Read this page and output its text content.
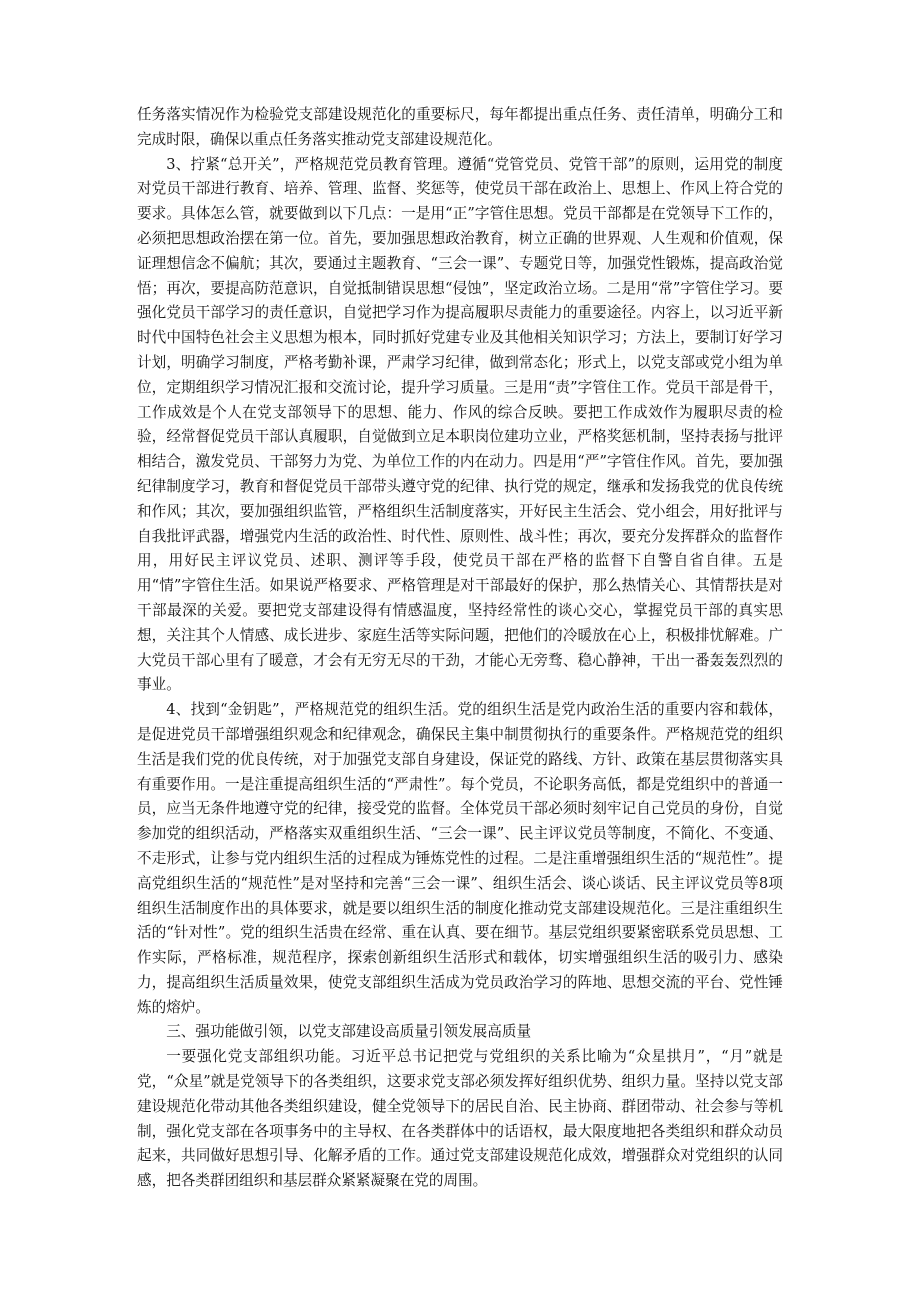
任务落实情况作为检验党支部建设规范化的重要标尺，每年都提出重点任务、责任清单，明确分工和完成时限，确保以重点任务落实推动党支部建设规范化。

3、拧紧“总开关”，严格规范党员教育管理。遵循“党管党员、党管干部”的原则，运用党的制度对党员干部进行教育、培养、管理、监督、奖惩等，使党员干部在政治上、思想上、作风上符合党的要求。具体怎么管，就要做到以下几点：一是用“正”字管住思想。党员干部都是在党领导下工作的，必须把思想政治摆在第一位。首先，要加强思想政治教育，树立正确的世界观、人生观和价值观，保证理想信念不偏航；其次，要通过主题教育、“三会一课”、专题党日等，加强党性锻炼，提高政治觉悟；再次，要提高防范意识，自觉抵制错误思想“侵蚀”，坚定政治立场。二是用“常”字管住学习。要强化党员干部学习的责任意识，自觉把学习作为提高履职尽责能力的重要途径。内容上，以习近平新时代中国特色社会主义思想为根本，同时抓好党建专业及其他相关知识学习；方法上，要制订好学习计划，明确学习制度，严格考勤补课，严肃学习纪律，做到常态化；形式上，以党支部或党小组为单位，定期组织学习情况汇报和交流讨论，提升学习质量。三是用“责”字管住工作。党员干部是骨干，工作成效是个人在党支部领导下的思想、能力、作风的综合反映。要把工作成效作为履职尽责的检验，经常督促党员干部认真履职，自觉做到立足本职岗位建功立业，严格奖惩机制，坚持表扬与批评相结合，激发党员、干部努力为党、为单位工作的内在动力。四是用“严”字管住作风。首先，要加强纪律制度学习，教育和督促党员干部带头遵守党的纪律、执行党的规定，继承和发扬我党的优良传统和作风；其次，要加强组织监管，严格组织生活制度落实，开好民主生活会、党小组会，用好批评与自我批评武器，增强党内生活的政治性、时代性、原则性、战斗性；再次，要充分发挥群众的监督作用，用好民主评议党员、述职、测评等手段，使党员干部在严格的监督下自警自省自律。五是用“情”字管住生活。如果说严格要求、严格管理是对干部最好的保护，那么热情关心、其情帮扶是对干部最深的关爱。要把党支部建设得有情感温度，坚持经常性的谈心交心，掌握党员干部的真实思想，关注其个人情感、成长进步、家庭生活等实际问题，把他们的冷暖放在心上，积极排忧解难。广大党员干部心里有了暖意，才会有无穷无尽的干劲，才能心无旁骛、稳心静神，干出一番轰轰烈烈的事业。

4、找到“金钥匙”，严格规范党的组织生活。党的组织生活是党内政治生活的重要内容和载体，是促进党员干部增强组织观念和纪律观念，确保民主集中制贯彻执行的重要条件。严格规范党的组织生活是我们党的优良传统，对于加强党支部自身建设，保证党的路线、方针、政策在基层贯彻落实具有重要作用。一是注重提高组织生活的“严肃性”。每个党员，不论职务高低，都是党组织中的普通一员，应当无条件地遵守党的纪律，接受党的监督。全体党员干部必须时刻牢记自己党员的身份，自觉参加党的组织活动，严格落实双重组织生活、“三会一课”、民主评议党员等制度，不简化、不变通、不走形式，让参与党内组织生活的过程成为锤炼党性的过程。二是注重增强组织生活的“规范性”。提高党组织生活的“规范性”是对坚持和完善“三会一课”、组织生活会、谈心谈话、民主评议党员等8项组织生活制度作出的具体要求，就是要以组织生活的制度化推动党支部建设规范化。三是注重组织生活的“针对性”。党的组织生活贵在经常、重在认真、要在细节。基层党组织要紧密联系党员思想、工作实际，严格标准，规范程序，探索创新组织生活形式和载体，切实增强组织生活的吸引力、感染力，提高组织生活质量效果，使党支部组织生活成为党员政治学习的阵地、思想交流的平台、党性锤炼的熔炉。

三、强功能做引领，以党支部建设高质量引领发展高质量

一要强化党支部组织功能。习近平总书记把党与党组织的关系比喻为“众星拱月”，“月”就是党，“众星”就是党领导下的各类组织，这要求党支部必须发挥好组织优势、组织力量。坚持以党支部建设规范化带动其他各类组织建设，健全党领导下的居民自治、民主协商、群团带动、社会参与等机制，强化党支部在各项事务中的主导权、在各类群体中的话语权，最大限度地把各类组织和群众动员起来，共同做好思想引导、化解矛盾的工作。通过党支部建设规范化成效，增强群众对党组织的认同感，把各类群团组织和基层群众紧紧凝聚在党的周围。
